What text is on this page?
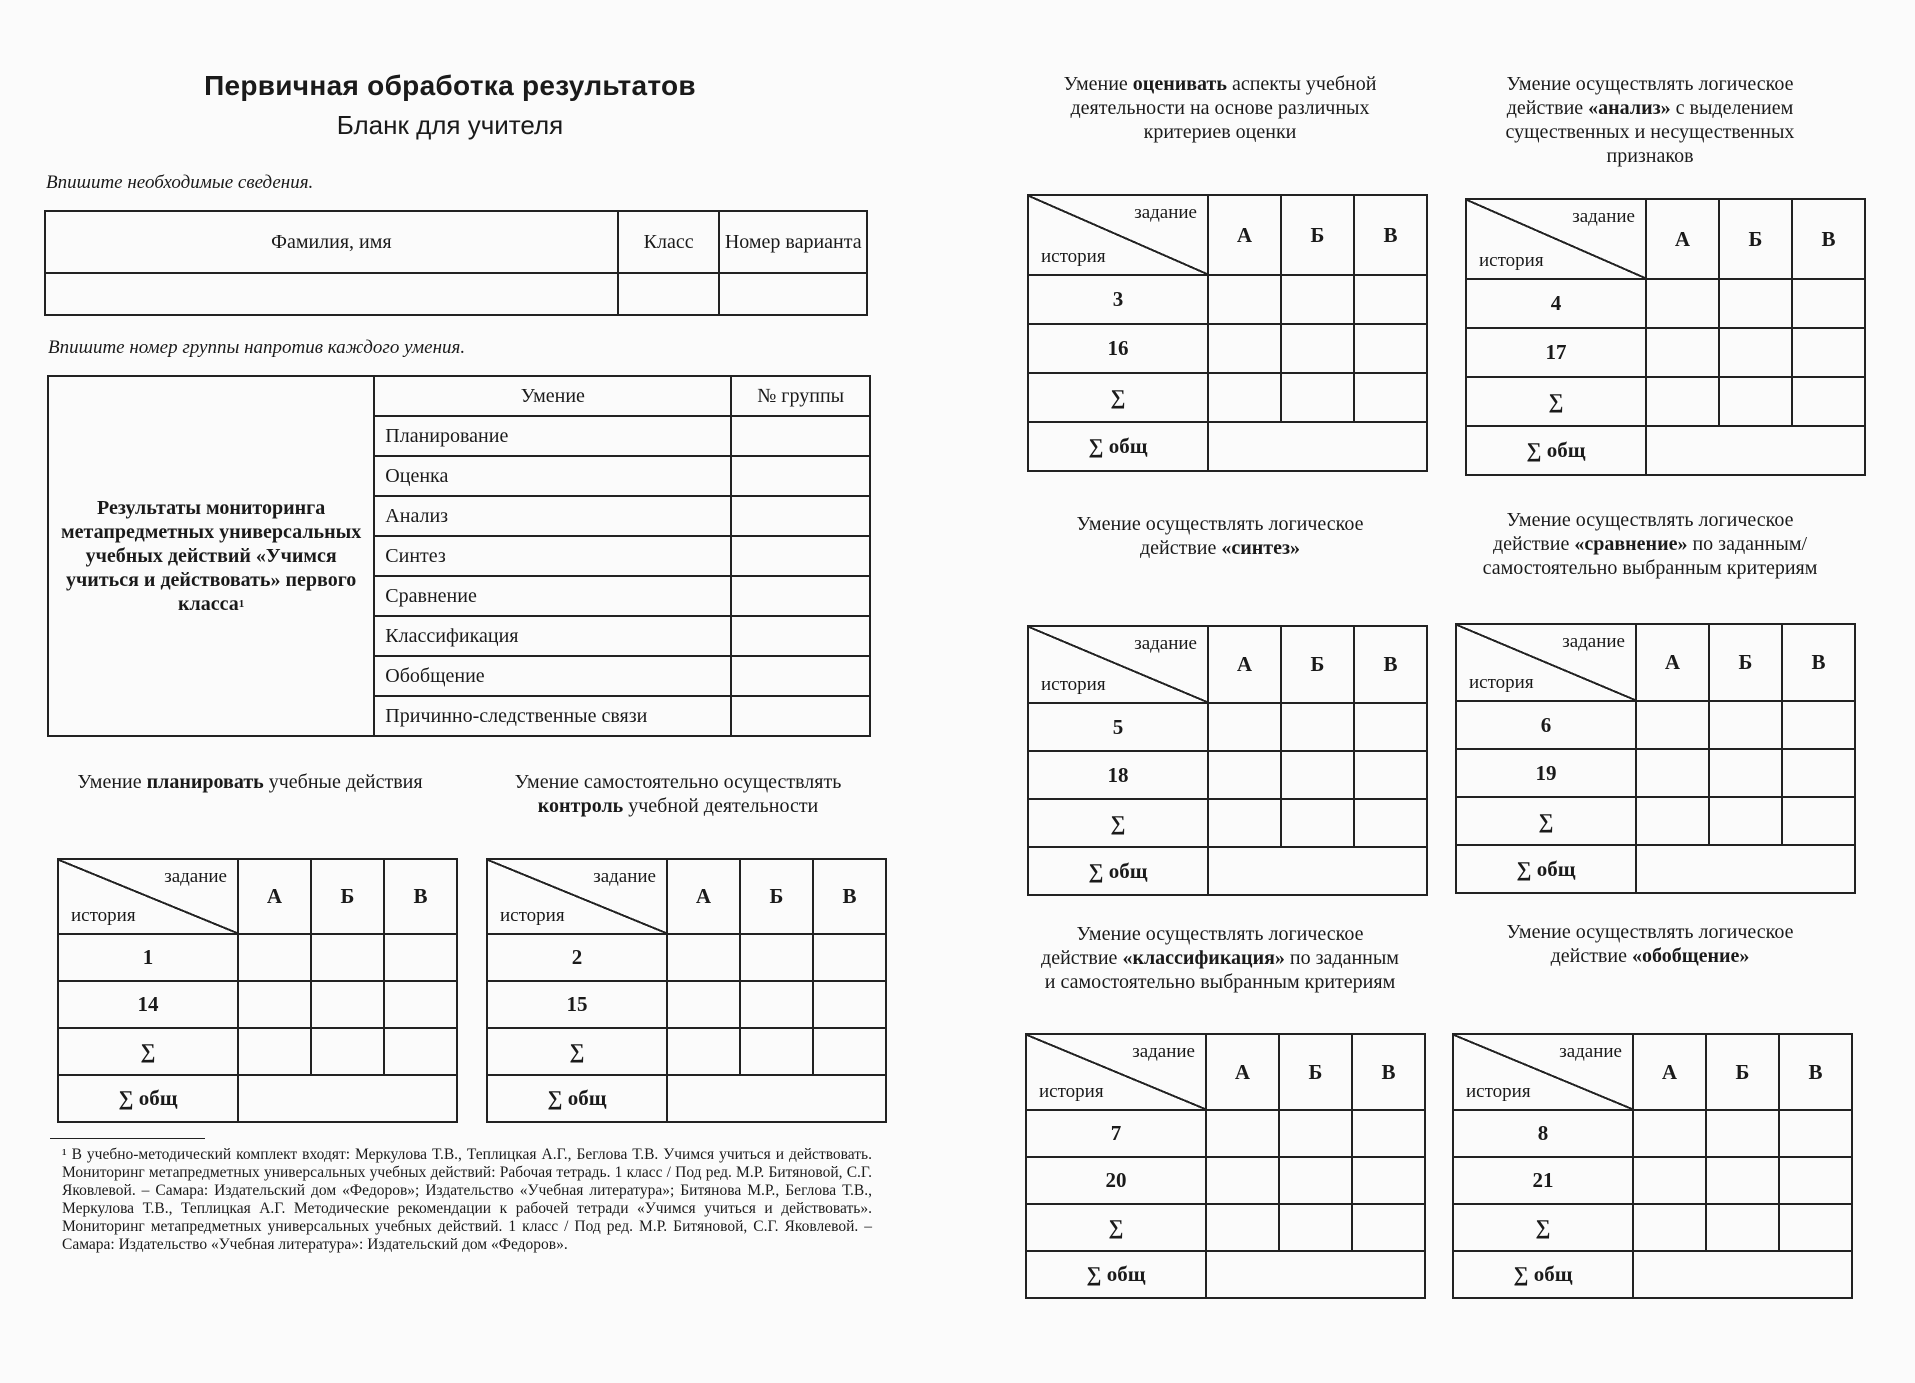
Первичная обработка результатов
Бланк для учителя
Впишите необходимые сведения.
Фамилия, имя	Класс	Номер варианта

Впишите номер группы напротив каждого умения.
Результаты мониторинга метапредметных универсальных учебных действий «Учимся учиться и действовать» первого класса$^1$	Умение	№ группы
	Планирование	
	Оценка	
	Анализ	
	Синтез	
	Сравнение	
	Классификация	
	Обобщение	
	Причинно-следственные связи	
Умение планировать учебные действия
задание
история	А	Б	В
1			
14			
∑			
∑ общ			
Умение самостоятельно осуществлять контроль учебной деятельности
задание
история	А	Б	В
2			
15			
∑			
∑ общ			
Умение оценивать аспекты учебной деятельности на основе различных критериев оценки
задание
история	А	Б	В
3			
16			
∑			
∑ общ			
Умение осуществлять логическое действие «анализ» с выделением существенных и несущественных признаков
задание
история	А	Б	В
4			
17			
∑			
∑ общ			
Умение осуществлять логическое действие «синтез»
задание
история	А	Б	В
5			
18			
∑			
∑ общ			
Умение осуществлять логическое действие «сравнение» по заданным/самостоятельно выбранным критериям
задание
история	А	Б	В
6			
19			
∑			
∑ общ			
Умение осуществлять логическое действие «классификация» по заданным и самостоятельно выбранным критериям
задание
история	А	Б	В
7			
20			
∑			
∑ общ			
Умение осуществлять логическое действие «обобщение»
задание
история	А	Б	В
8			
21			
∑			
∑ общ			
¹ В учебно-методический комплект входят: Меркулова Т.В., Теплицкая А.Г., Беглова Т.В. Учимся учиться и действовать. Мониторинг метапредметных универсальных учебных действий: Рабочая тетрадь. 1 класс / Под ред. М.Р. Битяновой, С.Г. Яковлевой. – Самара: Издательский дом «Федоров»; Издательство «Учебная литература»; Битянова М.Р., Беглова Т.В., Меркулова Т.В., Теплицкая А.Г. Методические рекомендации к рабочей тетради «Учимся учиться и действовать». Мониторинг метапредметных универсальных учебных действий. 1 класс / Под ред. М.Р. Битяновой, С.Г. Яковлевой. – Самара: Издательство «Учебная литература»: Издательский дом «Федоров».
